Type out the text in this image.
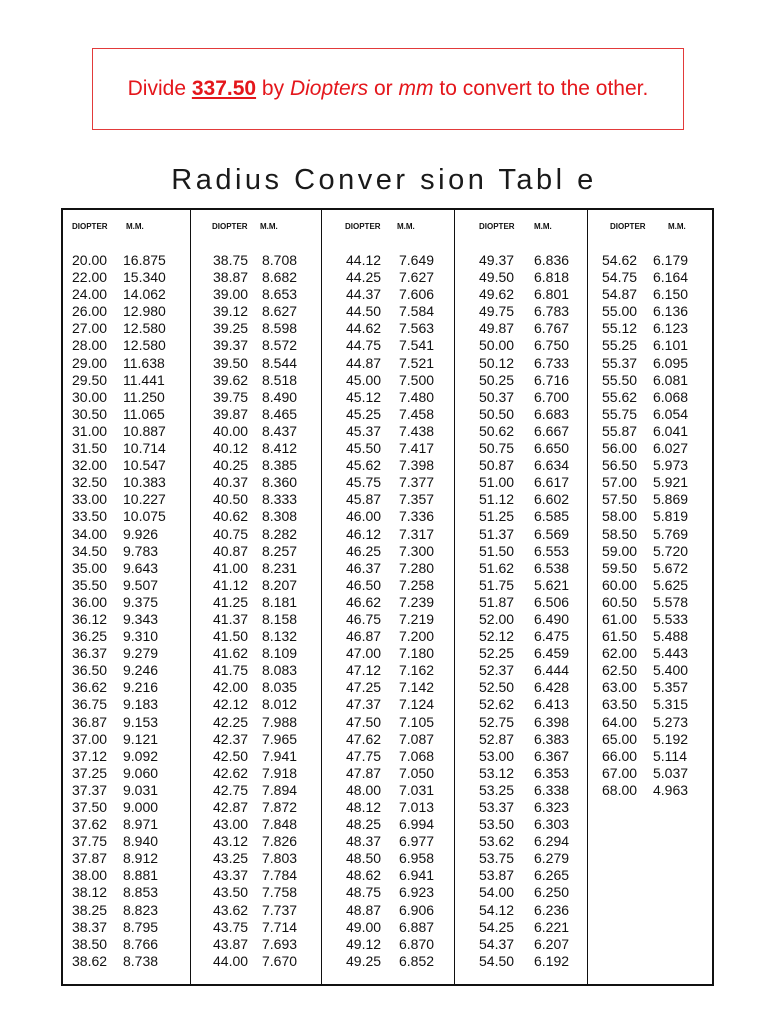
Divide
337.50
by
Diopters
or
mm
to convert to the other.
Radius Conver sion Tabl e
DIOPTER M.M.
20.00 16.875
22.00 15.340
24.00 14.062
26.00 12.980
27.00 12.580
28.00 12.580
29.00 11.638
29.50 11.441
30.00 11.250
30.50 11.065
31.00 10.887
31.50 10.714
32.00 10.547
32.50 10.383
33.00 10.227
33.50 10.075
34.00 9.926
34.50 9.783
35.00 9.643
35.50 9.507
36.00 9.375
36.12 9.343
36.25 9.310
36.37 9.279
36.50 9.246
36.62 9.216
36.75 9.183
36.87 9.153
37.00 9.121
37.12 9.092
37.25 9.060
37.37 9.031
37.50 9.000
37.62 8.971
37.75 8.940
37.87 8.912
38.00 8.881
38.12 8.853
38.25 8.823
38.37 8.795
38.50 8.766
38.62 8.738
DIOPTER M.M.
38.75 8.708
38.87 8.682
39.00 8.653
39.12 8.627
39.25 8.598
39.37 8.572
39.50 8.544
39.62 8.518
39.75 8.490
39.87 8.465
40.00 8.437
40.12 8.412
40.25 8.385
40.37 8.360
40.50 8.333
40.62 8.308
40.75 8.282
40.87 8.257
41.00 8.231
41.12 8.207
41.25 8.181
41.37 8.158
41.50 8.132
41.62 8.109
41.75 8.083
42.00 8.035
42.12 8.012
42.25 7.988
42.37 7.965
42.50 7.941
42.62 7.918
42.75 7.894
42.87 7.872
43.00 7.848
43.12 7.826
43.25 7.803
43.37 7.784
43.50 7.758
43.62 7.737
43.75 7.714
43.87 7.693
44.00 7.670
DIOPTER M.M.
44.12 7.649
44.25 7.627
44.37 7.606
44.50 7.584
44.62 7.563
44.75 7.541
44.87 7.521
45.00 7.500
45.12 7.480
45.25 7.458
45.37 7.438
45.50 7.417
45.62 7.398
45.75 7.377
45.87 7.357
46.00 7.336
46.12 7.317
46.25 7.300
46.37 7.280
46.50 7.258
46.62 7.239
46.75 7.219
46.87 7.200
47.00 7.180
47.12 7.162
47.25 7.142
47.37 7.124
47.50 7.105
47.62 7.087
47.75 7.068
47.87 7.050
48.00 7.031
48.12 7.013
48.25 6.994
48.37 6.977
48.50 6.958
48.62 6.941
48.75 6.923
48.87 6.906
49.00 6.887
49.12 6.870
49.25 6.852
DIOPTER M.M.
49.37 6.836
49.50 6.818
49.62 6.801
49.75 6.783
49.87 6.767
50.00 6.750
50.12 6.733
50.25 6.716
50.37 6.700
50.50 6.683
50.62 6.667
50.75 6.650
50.87 6.634
51.00 6.617
51.12 6.602
51.25 6.585
51.37 6.569
51.50 6.553
51.62 6.538
51.75 5.621
51.87 6.506
52.00 6.490
52.12 6.475
52.25 6.459
52.37 6.444
52.50 6.428
52.62 6.413
52.75 6.398
52.87 6.383
53.00 6.367
53.12 6.353
53.25 6.338
53.37 6.323
53.50 6.303
53.62 6.294
53.75 6.279
53.87 6.265
54.00 6.250
54.12 6.236
54.25 6.221
54.37 6.207
54.50 6.192
DIOPTER	M.M.
54.62 6.179
54.75 6.164
54.87 6.150
55.00 6.136
55.12 6.123
55.25 6.101
55.37 6.095
55.50 6.081
55.62 6.068
55.75 6.054
55.87 6.041
56.00 6.027
56.50 5.973
57.00 5.921
57.50 5.869
58.00 5.819
58.50 5.769
59.00 5.720
59.50 5.672
60.00 5.625
60.50 5.578
61.00 5.533
61.50 5.488
62.00 5.443
62.50 5.400
63.00 5.357
63.50 5.315
64.00 5.273
65.00 5.192
66.00 5.114
67.00 5.037
68.00 4.963
